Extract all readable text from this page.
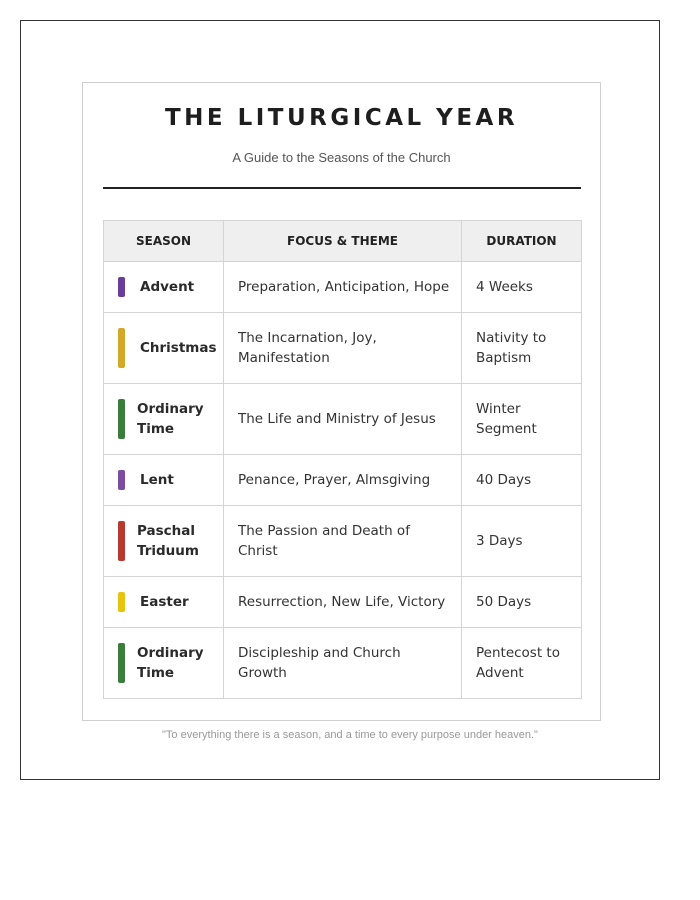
THE LITURGICAL YEAR

A Guide to the Seasons of the Church

SEASON	FOCUS & THEME	DURATION

Advent	Preparation, Anticipation, Hope	4 Weeks

Christmas	The Incarnation, Joy, Manifestation	Nativity to Baptism

Ordinary Time	The Life and Ministry of Jesus	Winter Segment

Lent	Penance, Prayer, Almsgiving	40 Days

Paschal Triduum	The Passion and Death of Christ	3 Days

Easter	Resurrection, New Life, Victory	50 Days

Ordinary Time	Discipleship and Church Growth	Pentecost to Advent

"To everything there is a season, and a time to every purpose under heaven."
